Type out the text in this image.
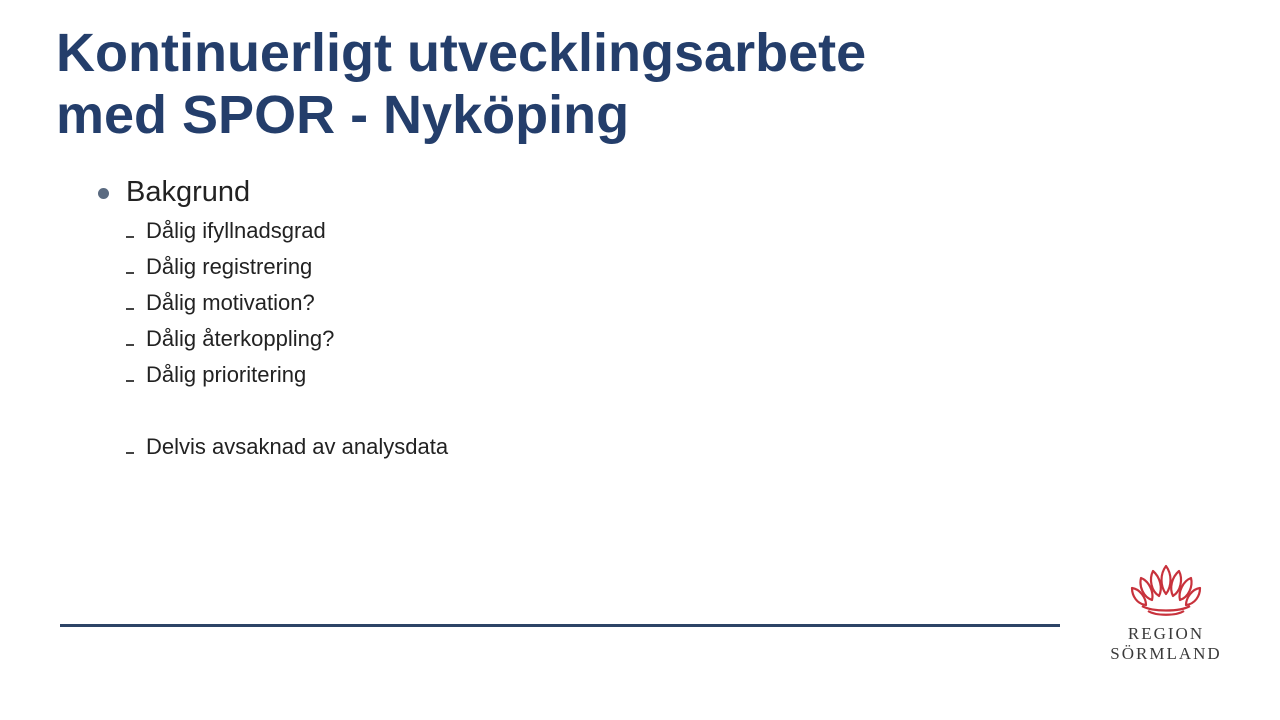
Kontinuerligt utvecklingsarbete
med SPOR - Nyköping
Bakgrund
Dålig ifyllnadsgrad
Dålig registrering
Dålig motivation?
Dålig återkoppling?
Dålig prioritering
Delvis avsaknad av analysdata
REGION
SÖRMLAND
